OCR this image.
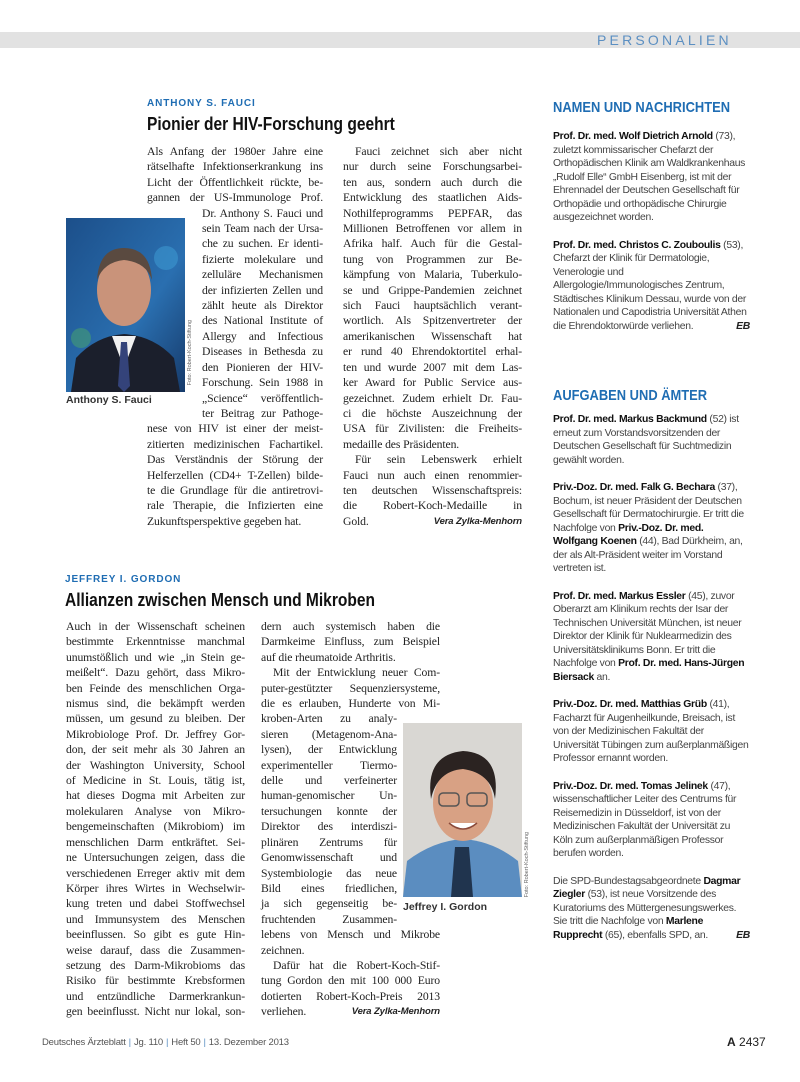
PERSONALIEN
ANTHONY S. FAUCI
Pionier der HIV-Forschung geehrt
Als Anfang der 1980er Jahre eine
rätselhafte Infektionserkrankung ins
Licht der Öffentlichkeit rückte, be-
gannen der US-Immunologe Prof.
Dr. Anthony S. Fauci und
sein Team nach der Ursa-
che zu suchen. Er identi-
fizierte molekulare und
zelluläre Mechanismen
der infizierten Zellen und
zählt heute als Direktor
des National Institute of
Allergy and Infectious
Diseases in Bethesda zu
den Pionieren der HIV-
Forschung. Sein 1988 in
„Science“ veröffentlich-
ter Beitrag zur Pathoge-
nese von HIV ist einer der meist-
zitierten medizinischen Fachartikel.
Das Verständnis der Störung der
Helferzellen (CD4+ T-Zellen) bilde-
te die Grundlage für die antiretrovi-
rale Therapie, die Infizierten eine
Zukunftsperspektive gegeben hat.
Fauci zeichnet sich aber nicht
nur durch seine Forschungsarbei-
ten aus, sondern auch durch die
Entwicklung des staatlichen Aids-
Nothilfeprogramms PEPFAR, das
Millionen Betroffenen vor allem in
Afrika half. Auch für die Gestal-
tung von Programmen zur Be-
kämpfung von Malaria, Tuberkulo-
se und Grippe-Pandemien zeichnet
sich Fauci hauptsächlich verant-
wortlich. Als Spitzenvertreter der
amerikanischen Wissenschaft hat
er rund 40 Ehrendoktortitel erhal-
ten und wurde 2007 mit dem Las-
ker Award for Public Service aus-
gezeichnet. Zudem erhielt Dr. Fau-
ci die höchste Auszeichnung der
USA für Zivilisten: die Freiheits-
medaille des Präsidenten.
Für sein Lebenswerk erhielt
Fauci nun auch einen renommier-
ten deutschen Wissenschaftspreis:
die Robert-Koch-Medaille in
Gold.	Vera Zylka-Menhorn
Foto: Robert-Koch-Stiftung
Anthony S. Fauci
JEFFREY I. GORDON
Allianzen zwischen Mensch und Mikroben
Auch in der Wissenschaft scheinen
bestimmte Erkenntnisse manchmal
unumstößlich und wie „in Stein ge-
meißelt“. Dazu gehört, dass Mikro-
ben Feinde des menschlichen Orga-
nismus sind, die bekämpft werden
müssen, um gesund zu bleiben. Der
Mikrobiologe Prof. Dr. Jeffrey Gor-
don, der seit mehr als 30 Jahren an
der Washington University, School
of Medicine in St. Louis, tätig ist,
hat dieses Dogma mit Arbeiten zur
molekularen Analyse von Mikro-
bengemeinschaften (Mikrobiom) im
menschlichen Darm entkräftet. Sei-
ne Untersuchungen zeigen, dass die
verschiedenen Erreger aktiv mit dem
Körper ihres Wirtes in Wechselwir-
kung treten und dabei Stoffwechsel
und Immunsystem des Menschen
beeinflussen. So gibt es gute Hin-
weise darauf, dass die Zusammen-
setzung des Darm-Mikrobioms das
Risiko für bestimmte Krebsformen
und entzündliche Darmerkrankun-
gen beeinflusst. Nicht nur lokal, son-
dern auch systemisch haben die
Darmkeime Einfluss, zum Beispiel
auf die rheumatoide Arthritis.
Mit der Entwicklung neuer Com-
puter-gestützter Sequenziersysteme,
die es erlauben, Hunderte von Mi-
kroben-Arten zu analy-
sieren (Metagenom-Ana-
lysen), der Entwicklung
experimenteller Tiermo-
delle und verfeinerter
human-genomischer Un-
tersuchungen konnte der
Direktor des interdiszi-
plinären Zentrums für
Genomwissenschaft und
Systembiologie das neue
Bild eines friedlichen,
ja sich gegenseitig be-
fruchtenden Zusammen-
lebens von Mensch und Mikrobe
zeichnen.
Dafür hat die Robert-Koch-Stif-
tung Gordon den mit 100 000 Euro
dotierten Robert-Koch-Preis 2013
verliehen.	Vera Zylka-Menhorn
Foto: Robert-Koch-Stiftung
Jeffrey I. Gordon
NAMEN UND NACHRICHTEN

Prof. Dr. med. Wolf Dietrich Arnold (73), zuletzt kommissarischer Chefarzt der Orthopädischen Klinik am Waldkrankenhaus „Rudolf Elle“ GmbH Eisenberg, ist mit der Ehrennadel der Deutschen Gesellschaft für Orthopädie und orthopädische Chirurgie ausgezeichnet worden.

Prof. Dr. med. Christos C. Zouboulis (53), Chefarzt der Klinik für Dermatologie, Venerologie und Allergologie/Immunologisches Zentrum, Städtisches Klinikum Dessau, wurde von der Nationalen und Capodistria Universität Athen die Ehrendoktorwürde verliehen.	EB

AUFGABEN UND ÄMTER

Prof. Dr. med. Markus Backmund (52) ist erneut zum Vorstandsvorsitzenden der Deutschen Gesellschaft für Suchtmedizin gewählt worden.

Priv.-Doz. Dr. med. Falk G. Bechara (37), Bochum, ist neuer Präsident der Deutschen Gesellschaft für Dermatochirurgie. Er tritt die Nachfolge von Priv.-Doz. Dr. med. Wolfgang Koenen (44), Bad Dürkheim, an, der als Alt-Präsident weiter im Vorstand vertreten ist.

Prof. Dr. med. Markus Essler (45), zuvor Oberarzt am Klinikum rechts der Isar der Technischen Universität München, ist neuer Direktor der Klinik für Nuklearmedizin des Universitätsklinikums Bonn. Er tritt die Nachfolge von Prof. Dr. med. Hans-Jürgen Biersack an.

Priv.-Doz. Dr. med. Matthias Grüb (41), Facharzt für Augenheilkunde, Breisach, ist von der Medizinischen Fakultät der Universität Tübingen zum außerplanmäßigen Professor ernannt worden.

Priv.-Doz. Dr. med. Tomas Jelinek (47), wissenschaftlicher Leiter des Centrums für Reisemedizin in Düsseldorf, ist von der Medizinischen Fakultät der Universität zu Köln zum außerplanmäßigen Professor berufen worden.

Die SPD-Bundestagsabgeordnete Dagmar Ziegler (53), ist neue Vorsitzende des Kuratoriums des Müttergenesungswerkes. Sie tritt die Nachfolge von Marlene Rupprecht (65), ebenfalls SPD, an.	EB

Deutsches Ärzteblatt | Jg. 110 | Heft 50 | 13. Dezember 2013	A 2437
